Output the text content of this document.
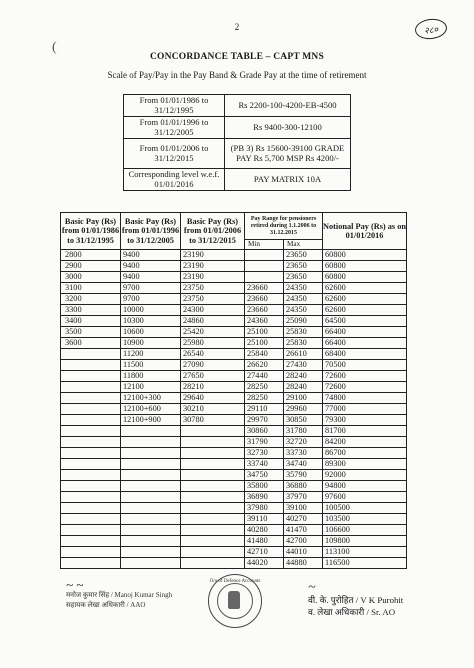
2	२८०
(
CONCORDANCE TABLE – CAPT MNS
Scale of Pay/Pay in the Pay Band & Grade Pay at the time of retirement
From 01/01/1986 to 31/12/1995	Rs 2200-100-4200-EB-4500
From 01/01/1996 to 31/12/2005	Rs 9400-300-12100
From 01/01/2006 to 31/12/2015	(PB 3) Rs 15600-39100 GRADE PAY Rs 5,700 MSP Rs 4200/-
Corresponding level w.e.f. 01/01/2016	PAY MATRIX 10A
Basic Pay (Rs) from 01/01/1986 to 31/12/1995	Basic Pay (Rs) from 01/01/1996 to 31/12/2005	Basic Pay (Rs) from 01/01/2006 to 31/12/2015	Pay Range for pensioners retired during 1.1.2006 to 31.12.2015		Notional Pay (Rs) as on 01/01/2016
			Min	Max	
2800	9400	23190		23650	60800
2900	9400	23190		23650	60800
3000	9400	23190		23650	60800
3100	9700	23750	23660	24350	62600
3200	9700	23750	23660	24350	62600
3300	10000	24300	23660	24350	62600
3400	10300	24860	24360	25090	64500
3500	10600	25420	25100	25830	66400
3600	10900	25980	25100	25830	66400
	11200	26540	25840	26610	68400
	11500	27090	26620	27430	70500
	11800	27650	27440	28240	72600
	12100	28210	28250	28240	72600
	12100+300	29640	28250	29100	74800
	12100+600	30210	29110	29960	77000
	12100+900	30780	29970	30850	79300
			30860	31780	81700
			31790	32720	84200
			32730	33730	86700
			33740	34740	89300
			34750	35790	92000
			35800	36880	94800
			36890	37970	97600
			37980	39100	100500
			39110	40270	103500
			40280	41470	106600
			41480	42700	109800
			42710	44010	113100
			44020	44880	116500
~ ~
मनोज कुमार सिंह / Manoj Kumar Singh
सहायक लेखा अधिकारी / AAO
O/o of Defence Accounts	~
वी. के. पुरोहित / V K Purohit
व. लेखा अधिकारी / Sr. AO
